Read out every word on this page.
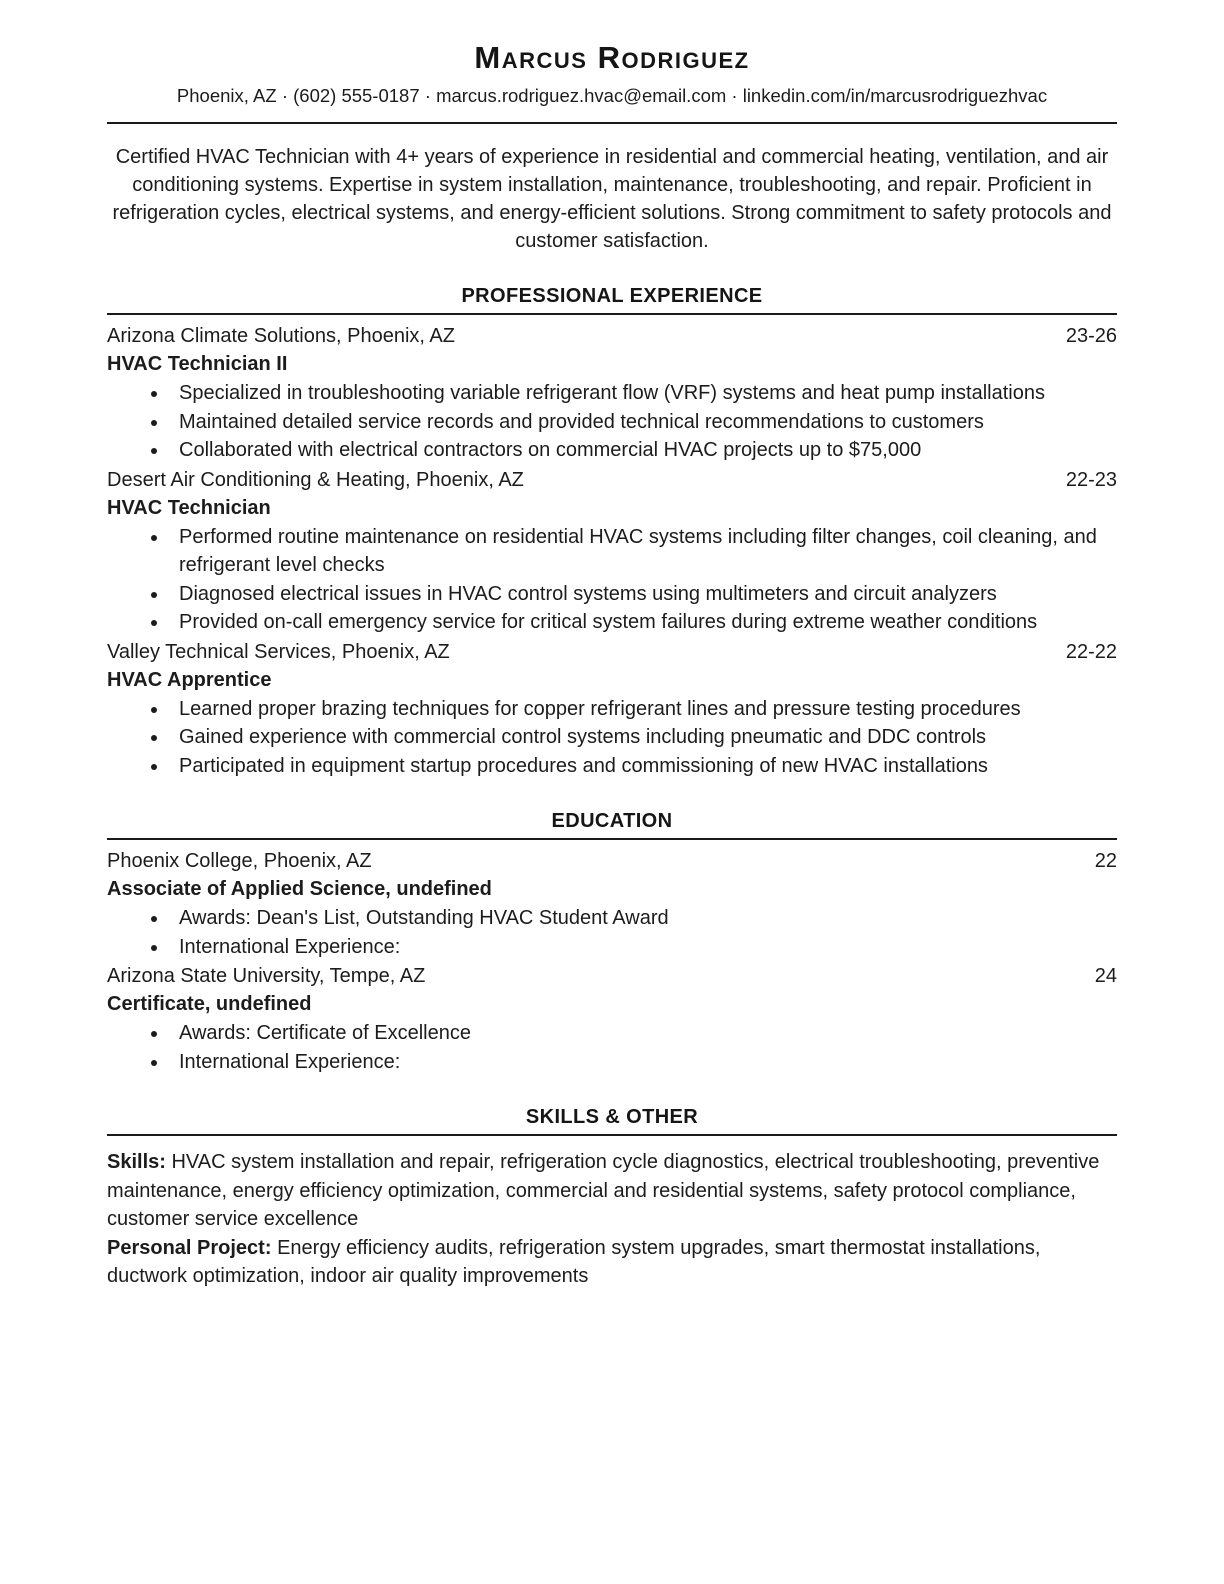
Marcus Rodriguez
Phoenix, AZ · (602) 555-0187 · marcus.rodriguez.hvac@email.com · linkedin.com/in/marcusrodriguezhvac

Certified HVAC Technician with 4+ years of experience in residential and commercial heating, ventilation, and air conditioning systems. Expertise in system installation, maintenance, troubleshooting, and repair. Proficient in refrigeration cycles, electrical systems, and energy-efficient solutions. Strong commitment to safety protocols and customer satisfaction.

PROFESSIONAL EXPERIENCE
Arizona Climate Solutions, Phoenix, AZ	23-26
HVAC Technician II
• Specialized in troubleshooting variable refrigerant flow (VRF) systems and heat pump installations
• Maintained detailed service records and provided technical recommendations to customers
• Collaborated with electrical contractors on commercial HVAC projects up to $75,000
Desert Air Conditioning & Heating, Phoenix, AZ	22-23
HVAC Technician
• Performed routine maintenance on residential HVAC systems including filter changes, coil cleaning, and refrigerant level checks
• Diagnosed electrical issues in HVAC control systems using multimeters and circuit analyzers
• Provided on-call emergency service for critical system failures during extreme weather conditions
Valley Technical Services, Phoenix, AZ	22-22
HVAC Apprentice
• Learned proper brazing techniques for copper refrigerant lines and pressure testing procedures
• Gained experience with commercial control systems including pneumatic and DDC controls
• Participated in equipment startup procedures and commissioning of new HVAC installations
EDUCATION
Phoenix College, Phoenix, AZ	22
Associate of Applied Science, undefined
• Awards: Dean's List, Outstanding HVAC Student Award
• International Experience:
Arizona State University, Tempe, AZ	24
Certificate, undefined
• Awards: Certificate of Excellence
• International Experience:
SKILLS & OTHER

Skills: HVAC system installation and repair, refrigeration cycle diagnostics, electrical troubleshooting, preventive maintenance, energy efficiency optimization, commercial and residential systems, safety protocol compliance, customer service excellence

Personal Project: Energy efficiency audits, refrigeration system upgrades, smart thermostat installations, ductwork optimization, indoor air quality improvements
